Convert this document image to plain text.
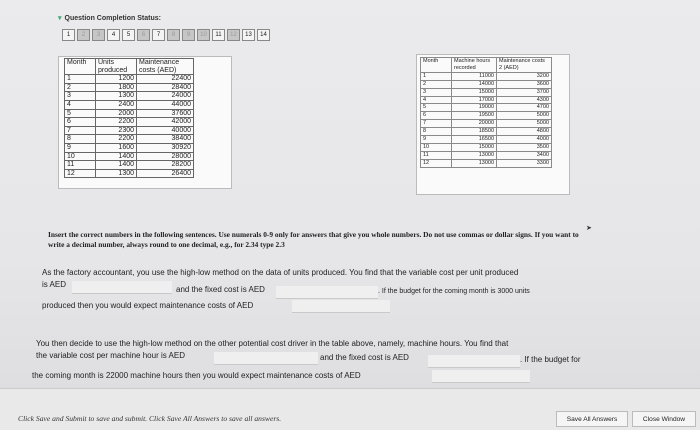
▾ Question Completion Status:
1	2	3	4	5	6	7	8	9	10	11	12	13	14
Month	Units produced	Maintenance costs (AED)
1	1200	22400
2	1800	28400
3	1300	24000
4	2400	44000
5	2000	37600
6	2200	42000
7	2300	40000
8	2200	38400
9	1600	30920
10	1400	28000
11	1400	28200
12	1300	26400
Month	Machine hours recorded	Maintenance costs 2 (AED)
1	11000	3200
2	14000	3600
3	15000	3700
4	17000	4300
5	19000	4700
6	19500	5000
7	20000	5000
8	18500	4800
9	16500	4000
10	15000	3500
11	13000	3400
12	13000	3300
➤
Insert the correct numbers in the following sentences. Use numerals 0-9 only for answers that give you whole numbers. Do not use commas or dollar signs. If you want to write a decimal number, always round to one decimal, e.g., for 2.34 type 2.3
As the factory accountant, you use the high-low method on the data of units produced. You find that the variable cost per unit produced
is AED
and the fixed cost is AED	. If the budget for the coming month is 3000 units
produced then you would expect maintenance costs of AED
You then decide to use the high-low method on the other potential cost driver in the table above, namely, machine hours. You find that
the variable cost per machine hour is AED	and the fixed cost is AED	. If the budget for
the coming month is 22000 machine hours then you would expect maintenance costs of AED
Click Save and Submit to save and submit. Click Save All Answers to save all answers.	Save All Answers	Close Window
